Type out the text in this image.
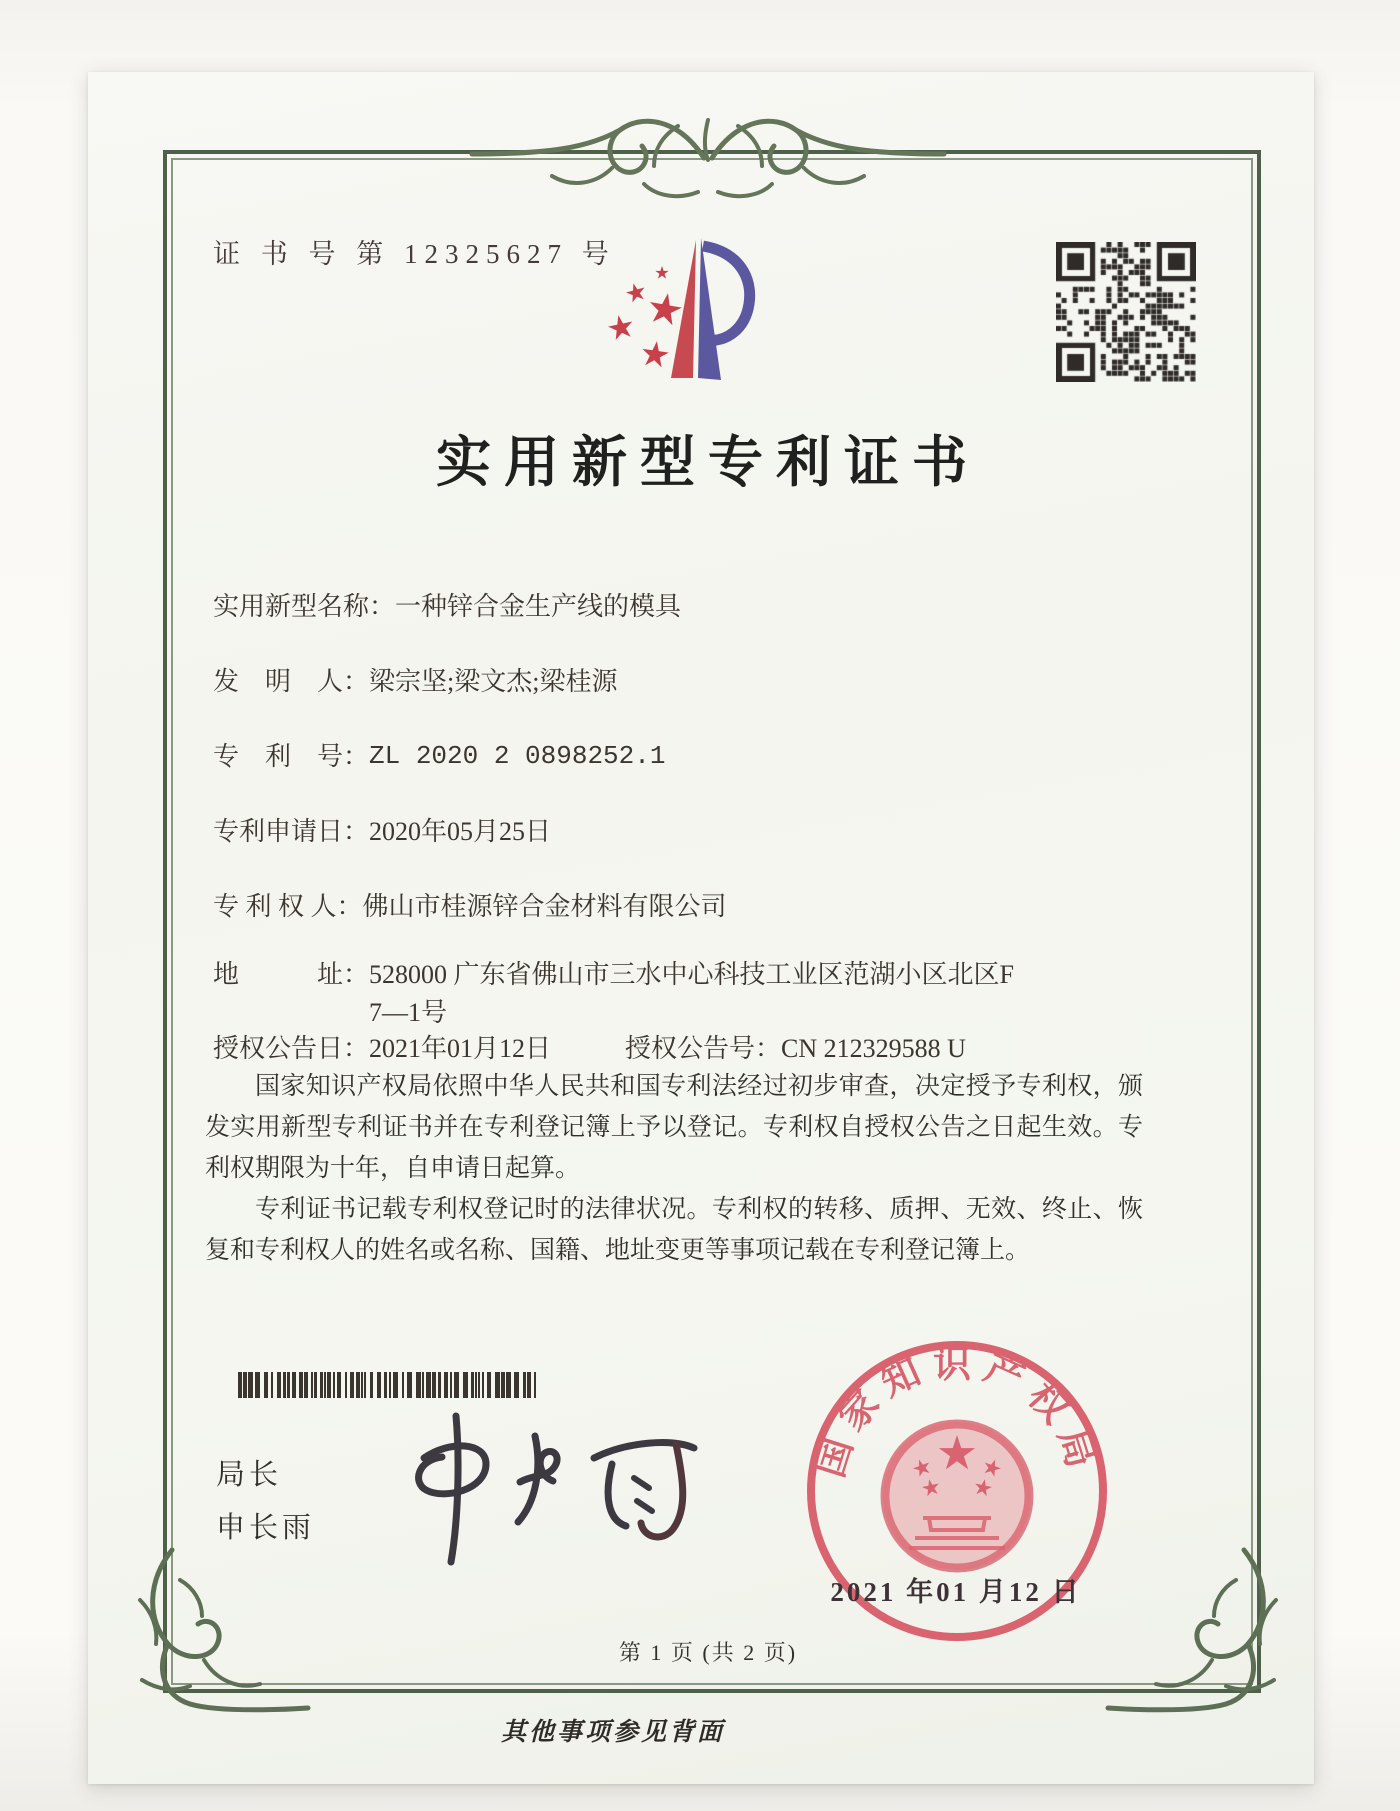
证 书 号 第 12325627 号
实用新型专利证书
实用新型名称： 一种锌合金生产线的模具
发　明　人： 梁宗坚;梁文杰;梁桂源
专　利　号： ZL 2020 2 0898252.1
专利申请日： 2020年05月25日
专 利 权 人： 佛山市桂源锌合金材料有限公司
地　　　址： 528000 广东省佛山市三水中心科技工业区范湖小区北区F
7—1号
授权公告日： 2021年01月12日	授权公告号： CN 212329588 U

国家知识产权局依照中华人民共和国专利法经过初步审查，决定授予专利权，颁发实用新型专利证书并在专利登记簿上予以登记。专利权自授权公告之日起生效。专利权期限为十年，自申请日起算。

专利证书记载专利权登记时的法律状况。专利权的转移、质押、无效、终止、恢复和专利权人的姓名或名称、国籍、地址变更等事项记载在专利登记簿上。

局长
申长雨
国家知识产权局
2021 年01 月12 日
第 1 页 (共 2 页)
其他事项参见背面
